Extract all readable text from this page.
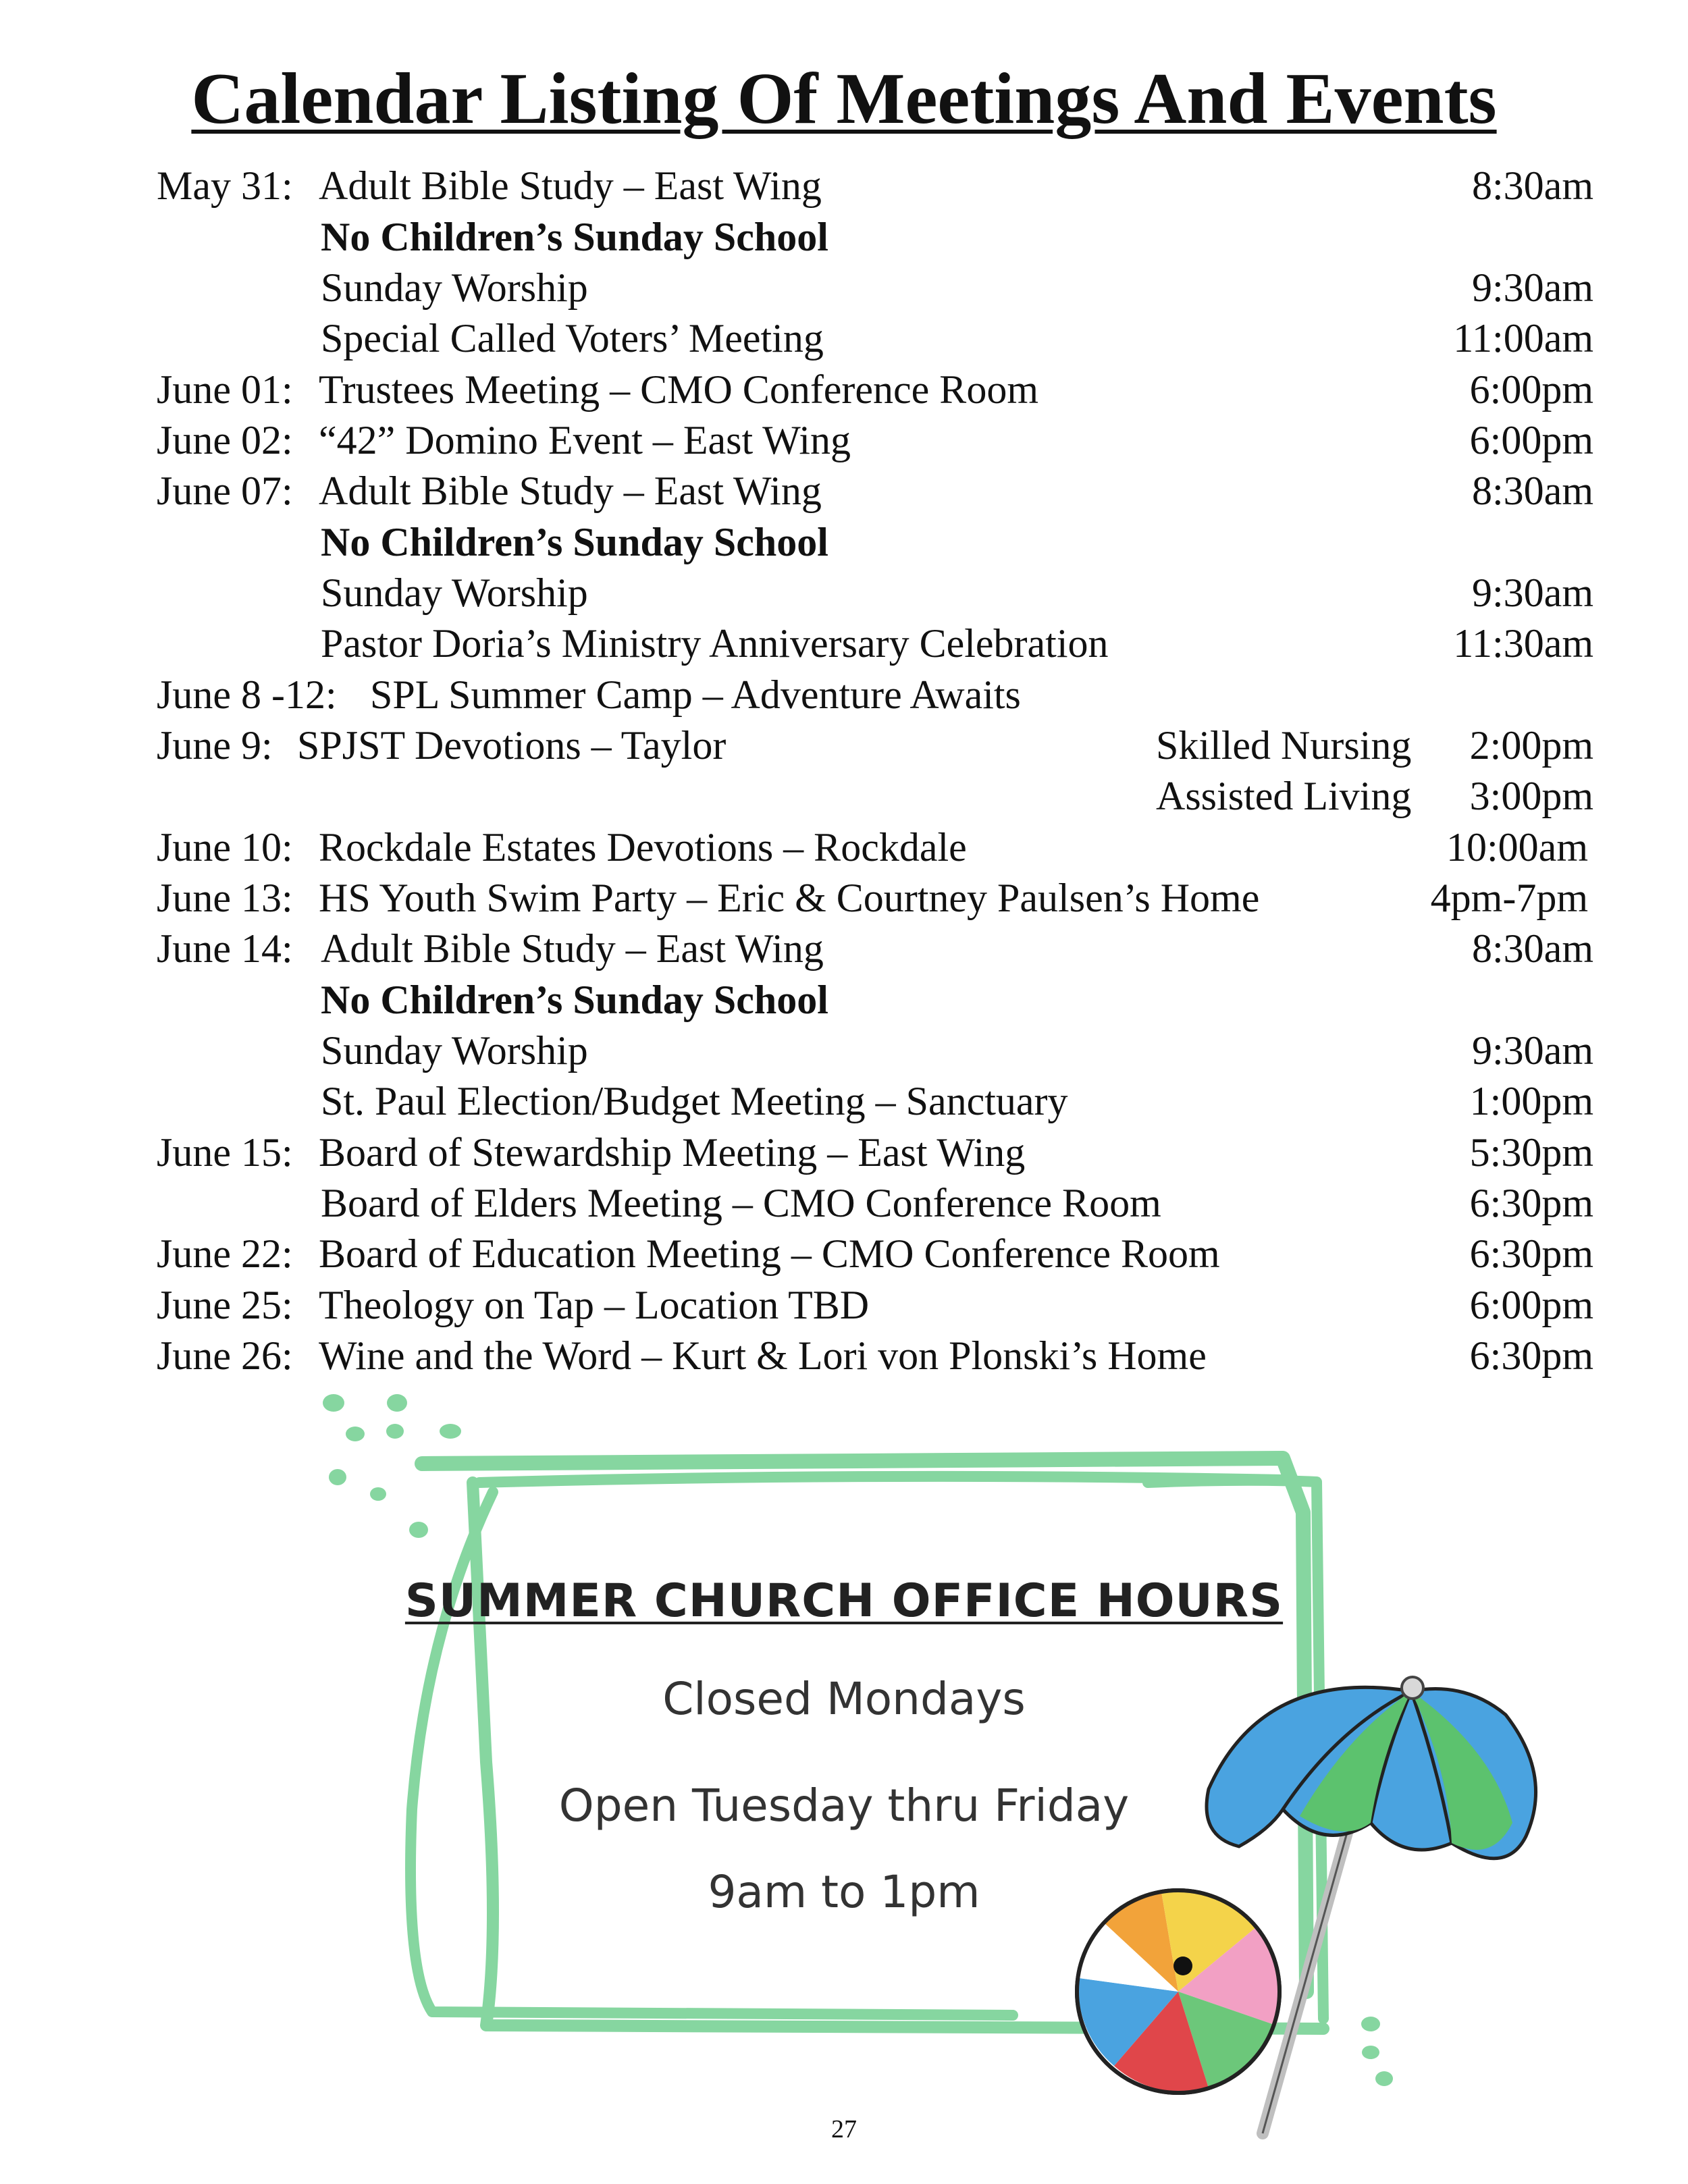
Calendar Listing Of Meetings And Events
May 31: Adult Bible Study – East Wing	8:30am
No Children’s Sunday School
Sunday Worship	9:30am
Special Called Voters’ Meeting	11:00am
June 01: Trustees Meeting – CMO Conference Room	6:00pm
June 02: “42” Domino Event – East Wing	6:00pm
June 07: Adult Bible Study – East Wing	8:30am
No Children’s Sunday School
Sunday Worship	9:30am
Pastor Doria’s Ministry Anniversary Celebration	11:30am
June 8 -12: SPL Summer Camp – Adventure Awaits
June 9: SPJST Devotions – Taylor	Skilled Nursing 2:00pm
Assisted Living 3:00pm
June 10: Rockdale Estates Devotions – Rockdale	10:00am
June 13: HS Youth Swim Party – Eric & Courtney Paulsen’s Home	4pm-7pm
June 14: Adult Bible Study – East Wing	8:30am
No Children’s Sunday School
Sunday Worship	9:30am
St. Paul Election/Budget Meeting – Sanctuary	1:00pm
June 15: Board of Stewardship Meeting – East Wing	5:30pm
Board of Elders Meeting – CMO Conference Room	6:30pm
June 22: Board of Education Meeting – CMO Conference Room	6:30pm
June 25: Theology on Tap – Location TBD	6:00pm
June 26: Wine and the Word – Kurt & Lori von Plonski’s Home	6:30pm
SUMMER CHURCH OFFICE HOURS
Closed Mondays
Open Tuesday thru Friday
9am to 1pm
27
